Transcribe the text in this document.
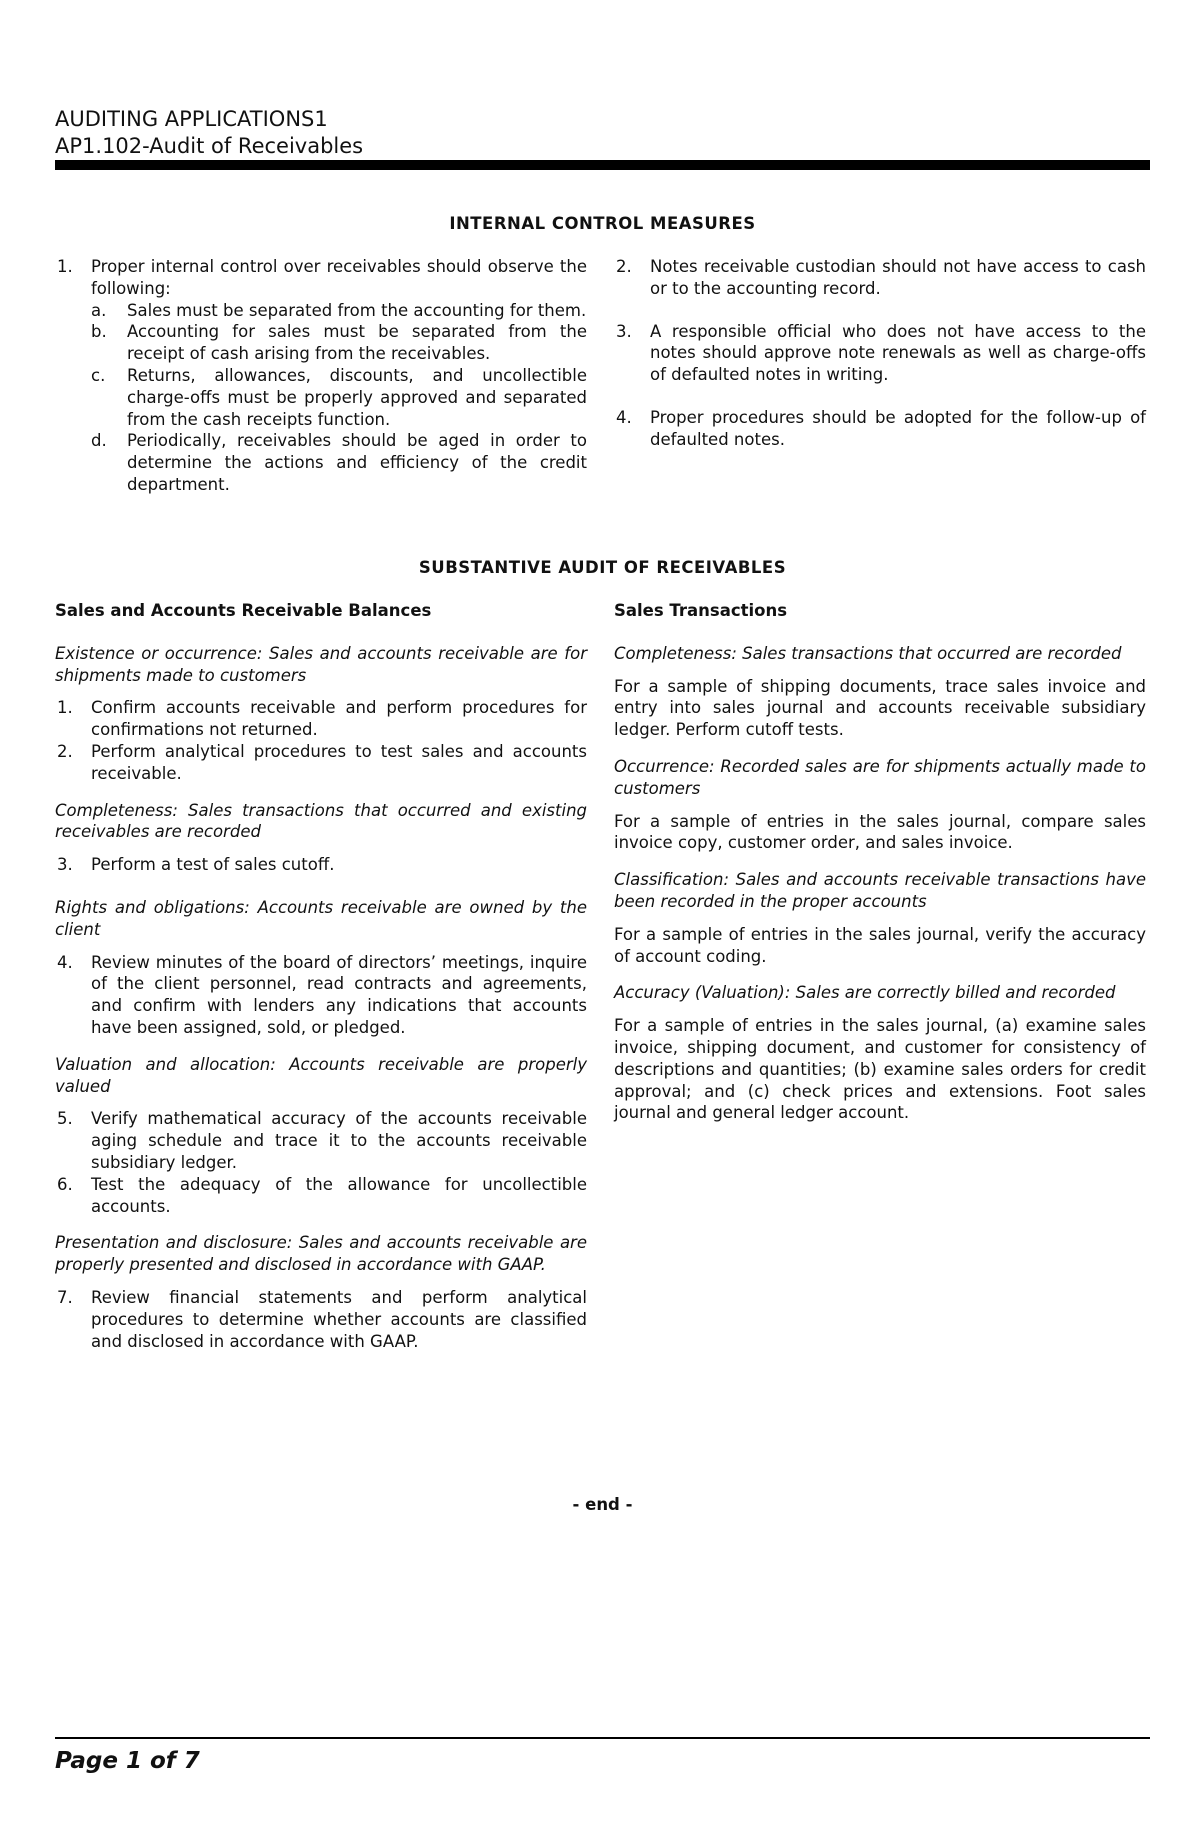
AUDITING APPLICATIONS1
AP1.102-Audit of Receivables
INTERNAL CONTROL MEASURES
1. Proper internal control over receivables should observe the following:
a. Sales must be separated from the accounting for them.
b. Accounting for sales must be separated from the receipt of cash arising from the receivables.
c. Returns, allowances, discounts, and uncollectible charge-offs must be properly approved and separated from the cash receipts function.
d. Periodically, receivables should be aged in order to determine the actions and efficiency of the credit department.
2. Notes receivable custodian should not have access to cash or to the accounting record.
3. A responsible official who does not have access to the notes should approve note renewals as well as charge-offs of defaulted notes in writing.
4. Proper procedures should be adopted for the follow-up of defaulted notes.
SUBSTANTIVE AUDIT OF RECEIVABLES
Sales and Accounts Receivable Balances
Existence or occurrence: Sales and accounts receivable are for shipments made to customers
1. Confirm accounts receivable and perform procedures for confirmations not returned.
2. Perform analytical procedures to test sales and accounts receivable.
Completeness: Sales transactions that occurred and existing receivables are recorded
3. Perform a test of sales cutoff.
Rights and obligations: Accounts receivable are owned by the client
4. Review minutes of the board of directors’ meetings, inquire of the client personnel, read contracts and agreements, and confirm with lenders any indications that accounts have been assigned, sold, or pledged.
Valuation and allocation: Accounts receivable are properly valued
5. Verify mathematical accuracy of the accounts receivable aging schedule and trace it to the accounts receivable subsidiary ledger.
6. Test the adequacy of the allowance for uncollectible accounts.
Presentation and disclosure: Sales and accounts receivable are properly presented and disclosed in accordance with GAAP.
7. Review financial statements and perform analytical procedures to determine whether accounts are classified and disclosed in accordance with GAAP.
Sales Transactions
Completeness: Sales transactions that occurred are recorded
For a sample of shipping documents, trace sales invoice and entry into sales journal and accounts receivable subsidiary ledger. Perform cutoff tests.
Occurrence: Recorded sales are for shipments actually made to customers
For a sample of entries in the sales journal, compare sales invoice copy, customer order, and sales invoice.
Classification: Sales and accounts receivable transactions have been recorded in the proper accounts
For a sample of entries in the sales journal, verify the accuracy of account coding.
Accuracy (Valuation): Sales are correctly billed and recorded
For a sample of entries in the sales journal, (a) examine sales invoice, shipping document, and customer for consistency of descriptions and quantities; (b) examine sales orders for credit approval; and (c) check prices and extensions. Foot sales journal and general ledger account.
- end -
Page 1 of 7
